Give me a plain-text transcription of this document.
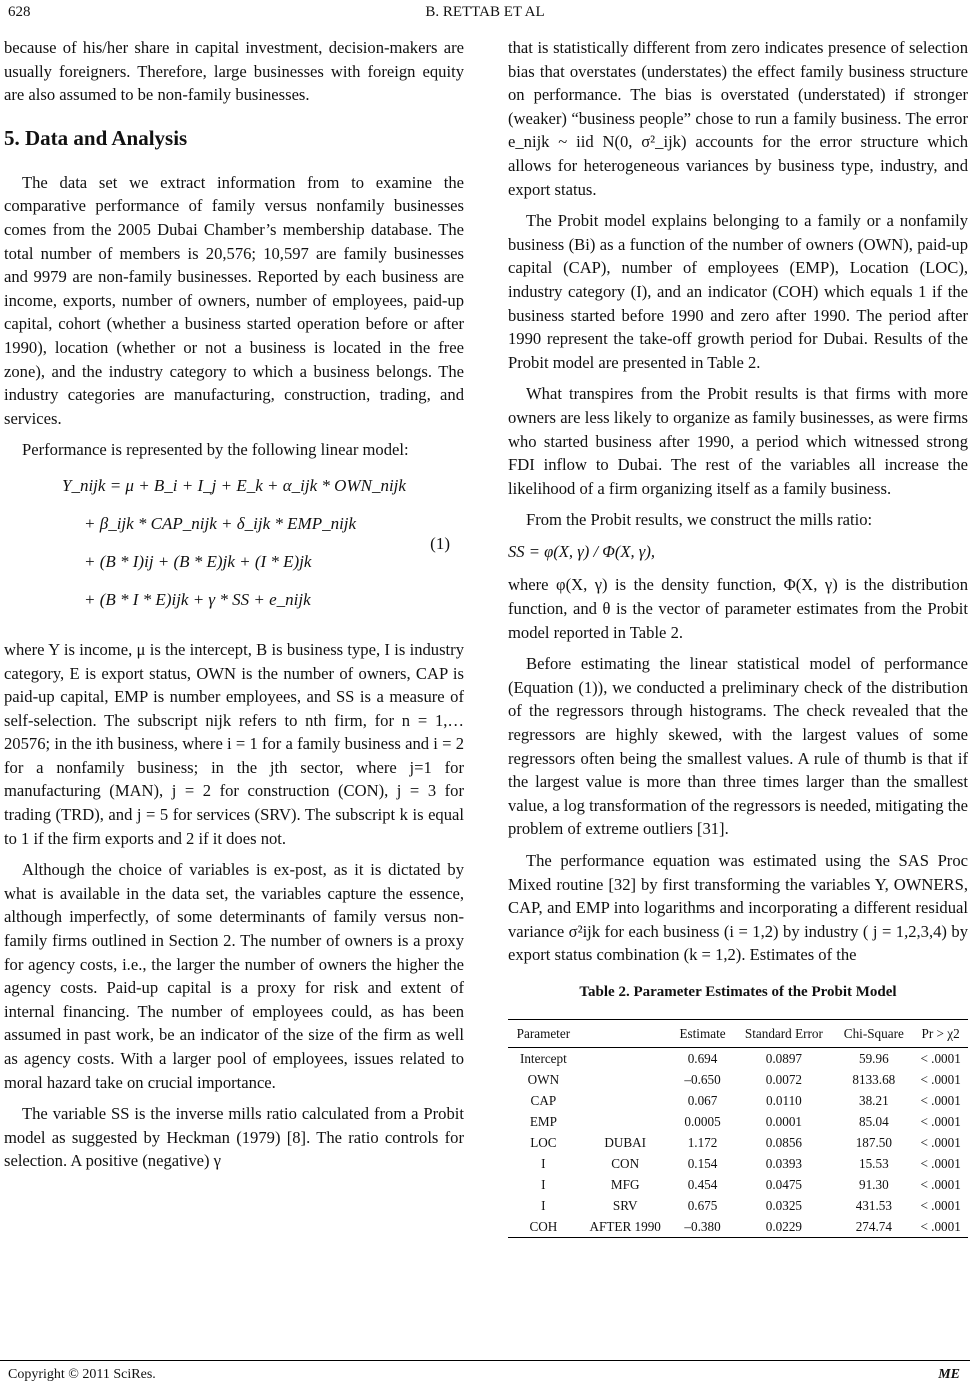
628	B. RETTAB ET AL

because of his/her share in capital investment, decision-makers are usually foreigners. Therefore, large businesses with foreign equity are also assumed to be non-family businesses.

5. Data and Analysis

The data set we extract information from to examine the comparative performance of family versus nonfamily businesses comes from the 2005 Dubai Chamber’s membership database. The total number of members is 20,576; 10,597 are family businesses and 9979 are non-family businesses. Reported by each business are income, exports, number of owners, number of employees, paid-up capital, cohort (whether a business started operation before or after 1990), location (whether or not a business is located in the free zone), and the industry category to which a business belongs. The industry categories are manufacturing, construction, trading, and services.

Performance is represented by the following linear model:

Y_nijk = μ + B_i + I_j + E_k + α_ijk * OWN_nijk
+ β_ijk * CAP_nijk + δ_ijk * EMP_nijk
+ (B * I)ij + (B * E)jk + (I * E)jk
+ (B * I * E)ijk + γ * SS + e_nijk
(1)

where Y is income, μ is the intercept, B is business type, I is industry category, E is export status, OWN is the number of owners, CAP is paid-up capital, EMP is number employees, and SS is a measure of self-selection. The subscript nijk refers to nth firm, for n = 1,…20576; in the ith business, where i = 1 for a family business and i = 2 for a nonfamily business; in the jth sector, where j=1 for manufacturing (MAN), j = 2 for construction (CON), j = 3 for trading (TRD), and j = 5 for services (SRV). The subscript k is equal to 1 if the firm exports and 2 if it does not.

Although the choice of variables is ex-post, as it is dictated by what is available in the data set, the variables capture the essence, although imperfectly, of some determinants of family versus non-family firms outlined in Section 2. The number of owners is a proxy for agency costs, i.e., the larger the number of owners the higher the agency costs. Paid-up capital is a proxy for risk and extent of internal financing. The number of employees could, as has been assumed in past work, be an indicator of the size of the firm as well as agency costs. With a larger pool of employees, issues related to moral hazard take on crucial importance.

The variable SS is the inverse mills ratio calculated from a Probit model as suggested by Heckman (1979) [8]. The ratio controls for selection. A positive (negative) γ

that is statistically different from zero indicates presence of selection bias that overstates (understates) the effect family business structure on performance. The bias is overstated (understated) if stronger (weaker) “business people” chose to run a family business. The error e_nijk ~ iid N(0, σ²_ijk) accounts for the error structure which allows for heterogeneous variances by business type, industry, and export status.

The Probit model explains belonging to a family or a nonfamily business (Bi) as a function of the number of owners (OWN), paid-up capital (CAP), number of employees (EMP), Location (LOC), industry category (I), and an indicator (COH) which equals 1 if the business started before 1990 and zero after 1990. The period after 1990 represent the take-off growth period for Dubai. Results of the Probit model are presented in Table 2.

What transpires from the Probit results is that firms with more owners are less likely to organize as family businesses, as were firms who started business after 1990, a period which witnessed strong FDI inflow to Dubai. The rest of the variables all increase the likelihood of a firm organizing itself as a family business.

From the Probit results, we construct the mills ratio:

SS = φ(X, γ) / Φ(X, γ),

where φ(X, γ) is the density function, Φ(X, γ) is the distribution function, and θ is the vector of parameter estimates from the Probit model reported in Table 2.

Before estimating the linear statistical model of performance (Equation (1)), we conducted a preliminary check of the distribution of the regressors through histograms. The check revealed that the regressors are highly skewed, with the largest values of some regressors often being the smallest values. A rule of thumb is that if the largest value is more than three times larger than the smallest value, a log transformation of the regressors is needed, mitigating the problem of extreme outliers [31].

The performance equation was estimated using the SAS Proc Mixed routine [32] by first transforming the variables Y, OWNERS, CAP, and EMP into logarithms and incorporating a different residual variance σ²ijk for each business (i = 1,2) by industry ( j = 1,2,3,4) by export status combination (k = 1,2). Estimates of the

Table 2. Parameter Estimates of the Probit Model
Parameter		Estimate	Standard Error	Chi-Square	Pr > χ2
Intercept		0.694	0.0897	59.96	< .0001
OWN		–0.650	0.0072	8133.68	< .0001
CAP		0.067	0.0110	38.21	< .0001
EMP		0.0005	0.0001	85.04	< .0001
LOC	DUBAI	1.172	0.0856	187.50	< .0001
I	CON	0.154	0.0393	15.53	< .0001
I	MFG	0.454	0.0475	91.30	< .0001
I	SRV	0.675	0.0325	431.53	< .0001
COH	AFTER 1990	–0.380	0.0229	274.74	< .0001
Copyright © 2011 SciRes.	ME
